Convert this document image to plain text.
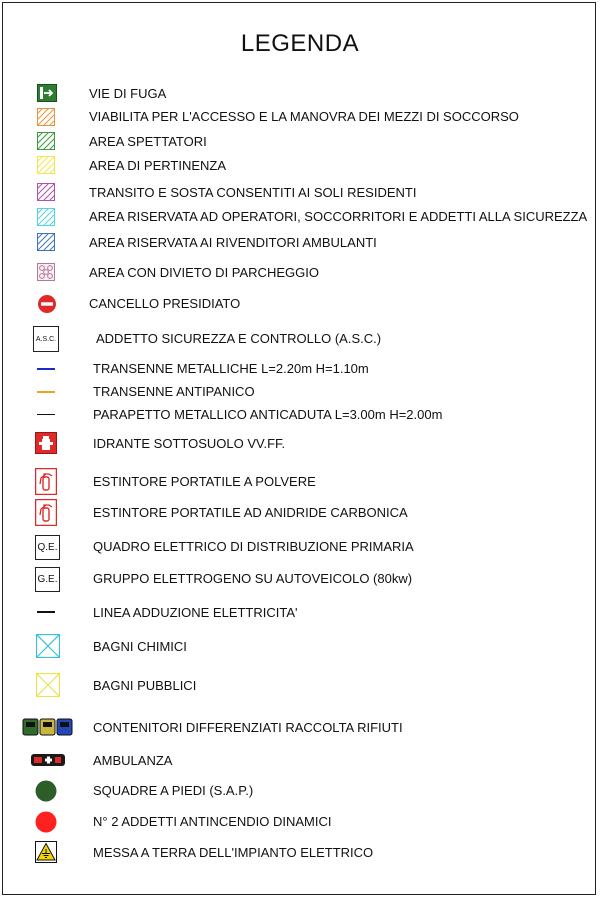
LEGENDA
VIE DI FUGA
VIABILITA PER L'ACCESSO E LA MANOVRA DEI MEZZI DI SOCCORSO
AREA SPETTATORI
AREA DI PERTINENZA
TRANSITO E SOSTA CONSENTITI AI SOLI RESIDENTI
AREA RISERVATA AD OPERATORI, SOCCORRITORI E ADDETTI ALLA SICUREZZA
AREA RISERVATA AI RIVENDITORI AMBULANTI
AREA CON DIVIETO DI PARCHEGGIO
CANCELLO PRESIDIATO
A.S.C.	ADDETTO SICUREZZA E CONTROLLO (A.S.C.)
TRANSENNE METALLICHE L=2.20m H=1.10m
TRANSENNE ANTIPANICO
PARAPETTO METALLICO ANTICADUTA L=3.00m H=2.00m
IDRANTE SOTTOSUOLO VV.FF.
ESTINTORE PORTATILE A POLVERE
ESTINTORE PORTATILE AD ANIDRIDE CARBONICA
Q.E.	QUADRO ELETTRICO DI DISTRIBUZIONE PRIMARIA
G.E.	GRUPPO ELETTROGENO SU AUTOVEICOLO (80kw)
LINEA ADDUZIONE ELETTRICITA'
BAGNI CHIMICI
BAGNI PUBBLICI
CONTENITORI DIFFERENZIATI RACCOLTA RIFIUTI
AMBULANZA
SQUADRE A PIEDI (S.A.P.)
N° 2 ADDETTI ANTINCENDIO DINAMICI
MESSA A TERRA DELL'IMPIANTO ELETTRICO
